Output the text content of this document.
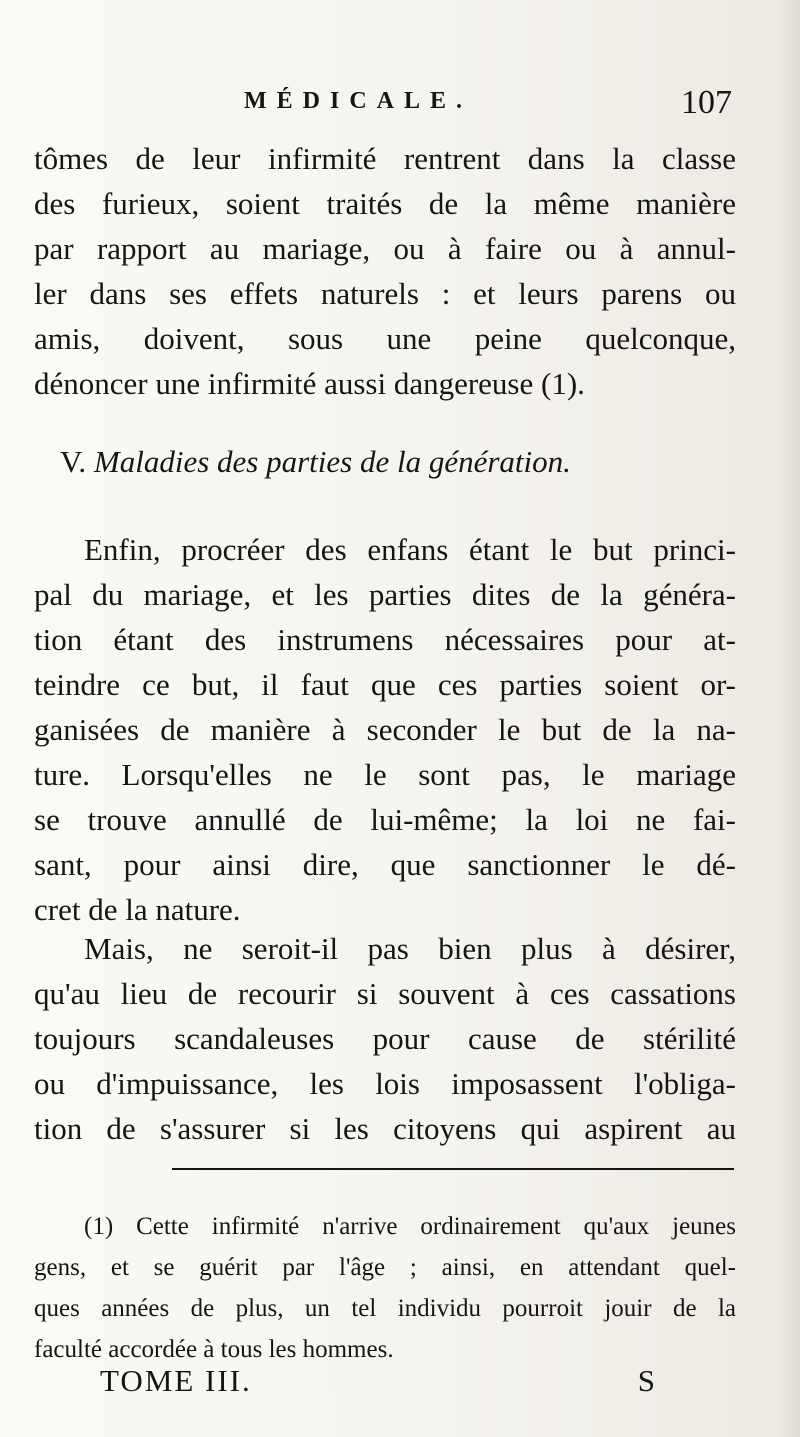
MÉDICALE.	107
tômes de leur infirmité rentrent dans la classe
des furieux, soient traités de la même manière
par rapport au mariage, ou à faire ou à annul-
ler dans ses effets naturels : et leurs parens ou
amis, doivent, sous une peine quelconque,
dénoncer une infirmité aussi dangereuse (1).
V. Maladies des parties de la génération.
Enfin, procréer des enfans étant le but princi-
pal du mariage, et les parties dites de la généra-
tion étant des instrumens nécessaires pour at-
teindre ce but, il faut que ces parties soient or-
ganisées de manière à seconder le but de la na-
ture. Lorsqu'elles ne le sont pas, le mariage
se trouve annullé de lui-même; la loi ne fai-
sant, pour ainsi dire, que sanctionner le dé-
cret de la nature.
Mais, ne seroit-il pas bien plus à désirer,
qu'au lieu de recourir si souvent à ces cassations
toujours scandaleuses pour cause de stérilité
ou d'impuissance, les lois imposassent l'obliga-
tion de s'assurer si les citoyens qui aspirent au
(1) Cette infirmité n'arrive ordinairement qu'aux jeunes
gens, et se guérit par l'âge ; ainsi, en attendant quel-
ques années de plus, un tel individu pourroit jouir de la
faculté accordée à tous les hommes.
TOME III.	S
